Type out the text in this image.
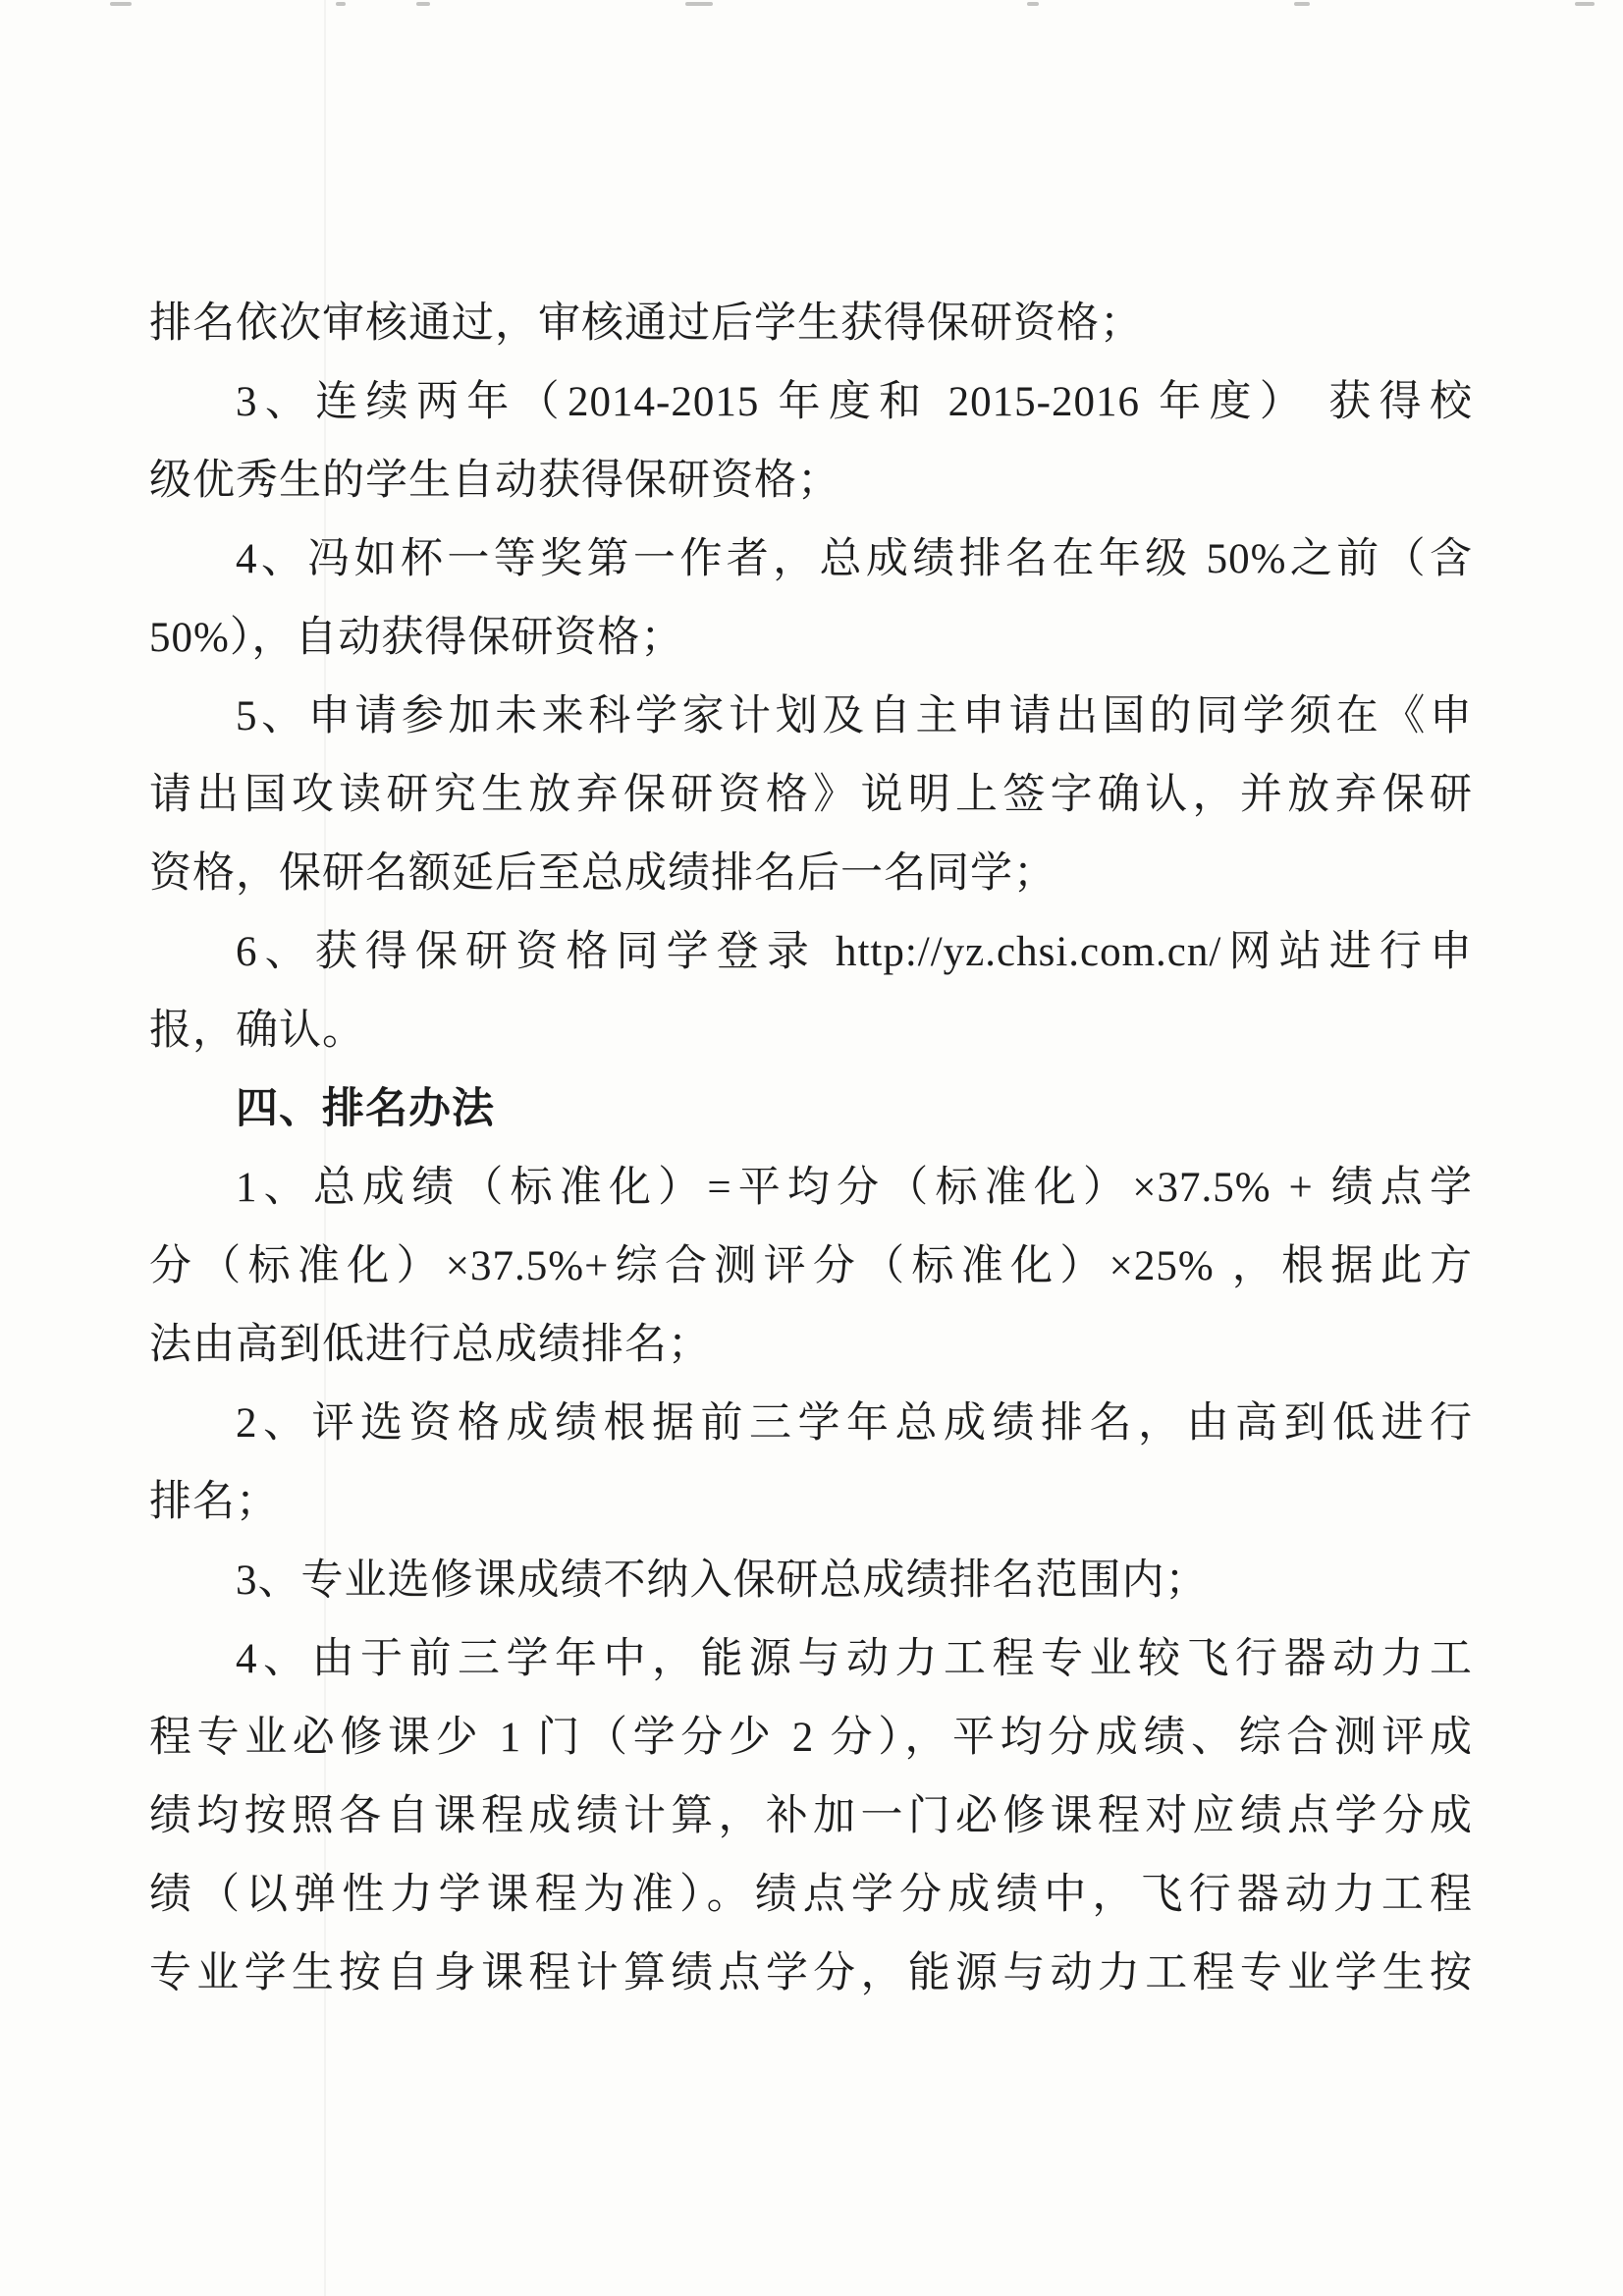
排名依次审核通过，审核通过后学生获得保研资格；
3、连续两年（2014-2015 年度和 2015-2016 年度） 获得校
级优秀生的学生自动获得保研资格；
4、冯如杯一等奖第一作者，总成绩排名在年级 50%之前（含
50%），自动获得保研资格；
5、申请参加未来科学家计划及自主申请出国的同学须在《申
请出国攻读研究生放弃保研资格》说明上签字确认，并放弃保研
资格，保研名额延后至总成绩排名后一名同学；
6、获得保研资格同学登录 http://yz.chsi.com.cn/网站进行申
报，确认。
四、排名办法
1、总成绩（标准化）=平均分（标准化）×37.5% + 绩点学
分（标准化）×37.5%+综合测评分（标准化）×25% ，根据此方
法由高到低进行总成绩排名；
2、评选资格成绩根据前三学年总成绩排名，由高到低进行
排名；
3、专业选修课成绩不纳入保研总成绩排名范围内；
4、由于前三学年中，能源与动力工程专业较飞行器动力工
程专业必修课少 1 门（学分少 2 分），平均分成绩、综合测评成
绩均按照各自课程成绩计算，补加一门必修课程对应绩点学分成
绩（以弹性力学课程为准）。绩点学分成绩中，飞行器动力工程
专业学生按自身课程计算绩点学分，能源与动力工程专业学生按
